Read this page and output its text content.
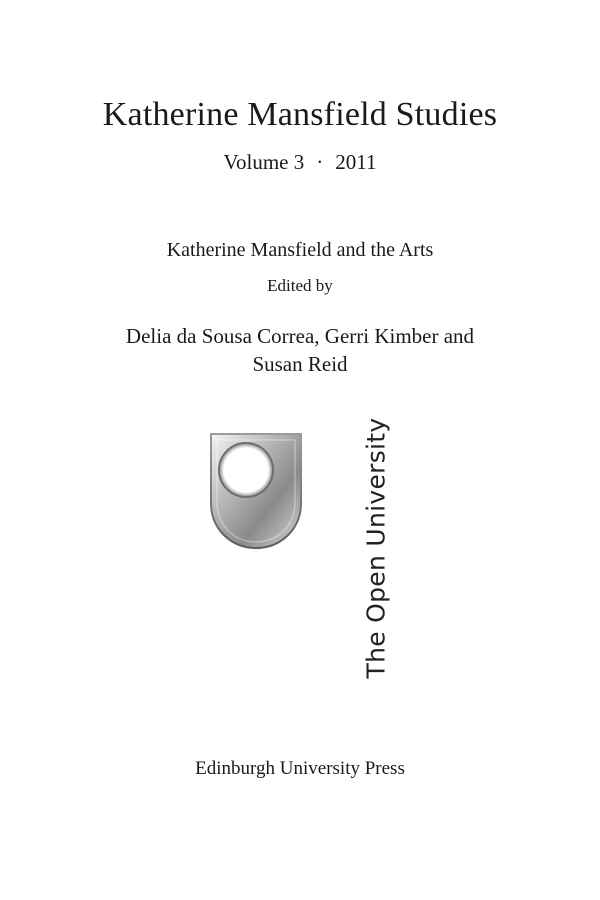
Katherine Mansfield Studies
Volume 3 · 2011
Katherine Mansfield and the Arts
Edited by
Delia da Sousa Correa, Gerri Kimber and
Susan Reid
The Open University
Edinburgh University Press
